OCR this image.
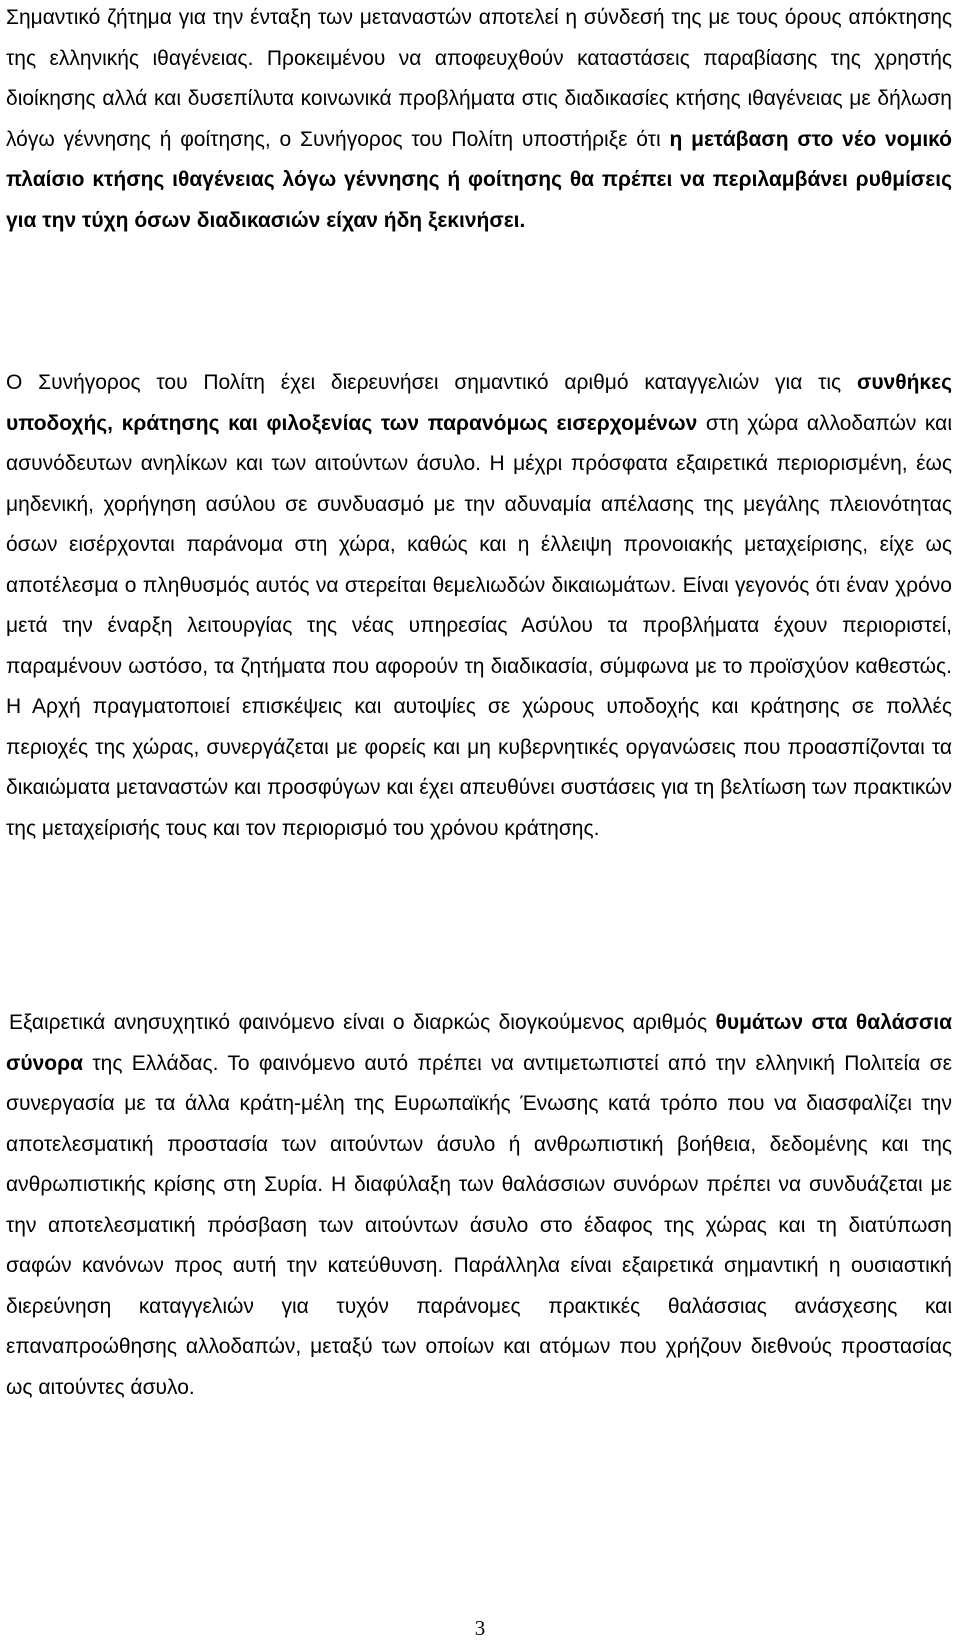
Σημαντικό ζήτημα για την ένταξη των μεταναστών αποτελεί η σύνδεσή της με τους όρους απόκτησης της ελληνικής ιθαγένειας. Προκειμένου να αποφευχθούν καταστάσεις παραβίασης της χρηστής διοίκησης αλλά και δυσεπίλυτα κοινωνικά προβλήματα στις διαδικασίες κτήσης ιθαγένειας με δήλωση λόγω γέννησης ή φοίτησης, ο Συνήγορος του Πολίτη υποστήριξε ότι η μετάβαση στο νέο νομικό πλαίσιο κτήσης ιθαγένειας λόγω γέννησης ή φοίτησης θα πρέπει να περιλαμβάνει ρυθμίσεις για την τύχη όσων διαδικασιών είχαν ήδη ξεκινήσει.

Ο Συνήγορος του Πολίτη έχει διερευνήσει σημαντικό αριθμό καταγγελιών για τις συνθήκες υποδοχής, κράτησης και φιλοξενίας των παρανόμως εισερχομένων στη χώρα αλλοδαπών και ασυνόδευτων ανηλίκων και των αιτούντων άσυλο. Η μέχρι πρόσφατα εξαιρετικά περιορισμένη, έως μηδενική, χορήγηση ασύλου σε συνδυασμό με την αδυναμία απέλασης της μεγάλης πλειονότητας όσων εισέρχονται παράνομα στη χώρα, καθώς και η έλλειψη προνοιακής μεταχείρισης, είχε ως αποτέλεσμα ο πληθυσμός αυτός να στερείται θεμελιωδών δικαιωμάτων. Είναι γεγονός ότι έναν χρόνο μετά την έναρξη λειτουργίας της νέας υπηρεσίας Ασύλου τα προβλήματα έχουν περιοριστεί, παραμένουν ωστόσο, τα ζητήματα που αφορούν τη διαδικασία, σύμφωνα με το προϊσχύον καθεστώς. Η Αρχή πραγματοποιεί επισκέψεις και αυτοψίες σε χώρους υποδοχής και κράτησης σε πολλές περιοχές της χώρας, συνεργάζεται με φορείς και μη κυβερνητικές οργανώσεις που προασπίζονται τα δικαιώματα μεταναστών και προσφύγων και έχει απευθύνει συστάσεις για τη βελτίωση των πρακτικών της μεταχείρισής τους και τον περιορισμό του χρόνου κράτησης.

Εξαιρετικά ανησυχητικό φαινόμενο είναι ο διαρκώς διογκούμενος αριθμός θυμάτων στα θαλάσσια σύνορα της Ελλάδας. Το φαινόμενο αυτό πρέπει να αντιμετωπιστεί από την ελληνική Πολιτεία σε συνεργασία με τα άλλα κράτη-μέλη της Ευρωπαϊκής Ένωσης κατά τρόπο που να διασφαλίζει την αποτελεσματική προστασία των αιτούντων άσυλο ή ανθρωπιστική βοήθεια, δεδομένης και της ανθρωπιστικής κρίσης στη Συρία. Η διαφύλαξη των θαλάσσιων συνόρων πρέπει να συνδυάζεται με την αποτελεσματική πρόσβαση των αιτούντων άσυλο στο έδαφος της χώρας και τη διατύπωση σαφών κανόνων προς αυτή την κατεύθυνση. Παράλληλα είναι εξαιρετικά σημαντική η ουσιαστική διερεύνηση καταγγελιών για τυχόν παράνομες πρακτικές θαλάσσιας ανάσχεσης και επαναπροώθησης αλλοδαπών, μεταξύ των οποίων και ατόμων που χρήζουν διεθνούς προστασίας ως αιτούντες άσυλο.

3
